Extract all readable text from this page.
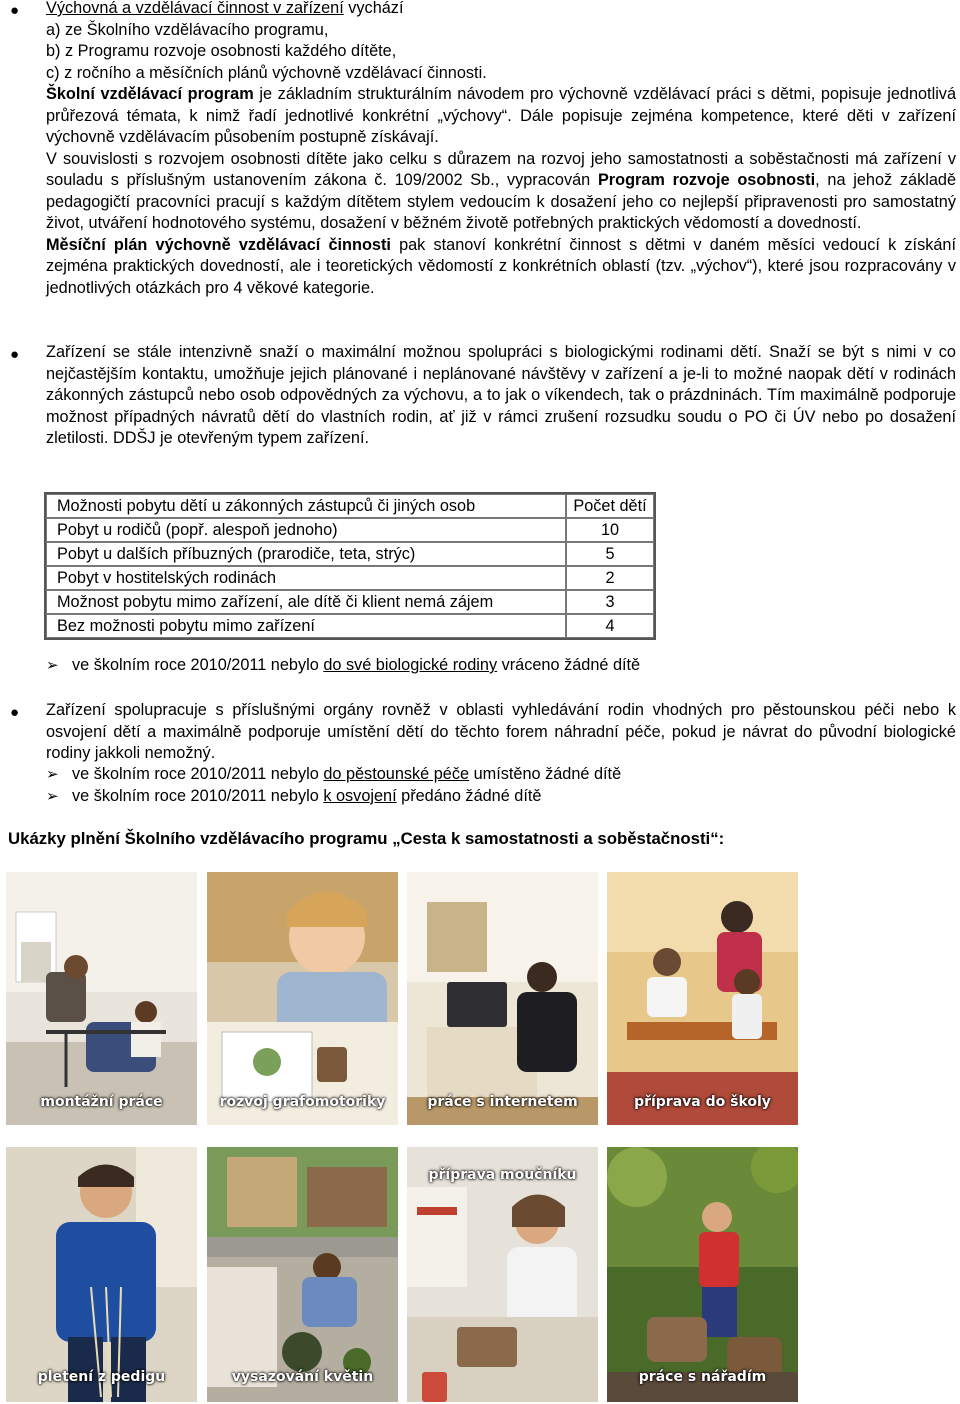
● Výchovná a vzdělávací činnost v zařízení vychází

a) ze Školního vzdělávacího programu,

b) z Programu rozvoje osobnosti každého dítěte,

c) z ročního a měsíčních plánů výchovně vzdělávací činnosti.

Školní vzdělávací program je základním strukturálním návodem pro výchovně vzdělávací práci s dětmi, popisuje jednotlivá průřezová témata, k nimž řadí jednotlivé konkrétní „výchovy“. Dále popisuje zejména kompetence, které děti v zařízení výchovně vzdělávacím působením postupně získávají.

V souvislosti s rozvojem osobnosti dítěte jako celku s důrazem na rozvoj jeho samostatnosti a soběstačnosti má zařízení v souladu s příslušným ustanovením zákona č. 109/2002 Sb., vypracován Program rozvoje osobnosti, na jehož základě pedagogičtí pracovníci pracují s každým dítětem stylem vedoucím k dosažení jeho co nejlepší připravenosti pro samostatný život, utváření hodnotového systému, dosažení v běžném životě potřebných praktických vědomostí a dovedností.

Měsíční plán výchovně vzdělávací činnosti pak stanoví konkrétní činnost s dětmi v daném měsíci vedoucí k získání zejména praktických dovedností, ale i teoretických vědomostí z konkrétních oblastí (tzv. „výchov“), které jsou rozpracovány v jednotlivých otázkách pro 4 věkové kategorie.

● Zařízení se stále intenzivně snaží o maximální možnou spolupráci s biologickými rodinami dětí. Snaží se být s nimi v co nejčastějším kontaktu, umožňuje jejich plánované i neplánované návštěvy v zařízení a je-li to možné naopak dětí v rodinách zákonných zástupců nebo osob odpovědných za výchovu, a to jak o víkendech, tak o prázdninách. Tím maximálně podporuje možnost případných návratů dětí do vlastních rodin, ať již v rámci zrušení rozsudku soudu o PO či ÚV nebo po dosažení zletilosti. DDŠJ je otevřeným typem zařízení.

Možnosti pobytu dětí u zákonných zástupců či jiných osob	Počet dětí
Pobyt u rodičů (popř. alespoň jednoho)	10
Pobyt u dalších příbuzných (prarodiče, teta, strýc)	5
Pobyt v hostitelských rodinách	2
Možnost pobytu mimo zařízení, ale dítě či klient nemá zájem	3
Bez možnosti pobytu mimo zařízení	4
➢ ve školním roce 2010/2011 nebylo do své biologické rodiny vráceno žádné dítě
● Zařízení spolupracuje s příslušnými orgány rovněž v oblasti vyhledávání rodin vhodných pro pěstounskou péči nebo k osvojení dětí a maximálně podporuje umístění dětí do těchto forem náhradní péče, pokud je návrat do původní biologické rodiny jakkoli nemožný.

➢ ve školním roce 2010/2011 nebylo do pěstounské péče umístěno žádné dítě
➢ ve školním roce 2010/2011 nebylo k osvojení předáno žádné dítě
Ukázky plnění Školního vzdělávacího programu „Cesta k samostatnosti a soběstačnosti“:
montážní práce	rozvoj grafomotoriky	práce s internetem	příprava do školy
pletení z pedigu	vysazování květin
příprava moučníku
práce s nářadím
